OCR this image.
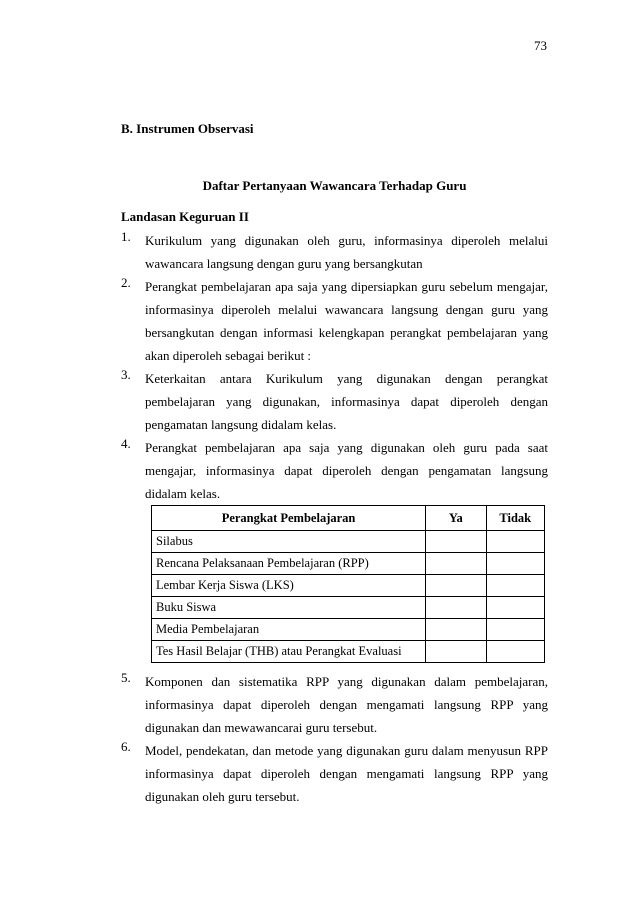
73
B. Instrumen Observasi
Daftar Pertanyaan Wawancara Terhadap Guru
Landasan Keguruan II
1. Kurikulum yang digunakan oleh guru, informasinya diperoleh melalui
wawancara langsung dengan guru yang bersangkutan
2. Perangkat pembelajaran apa saja yang dipersiapkan guru sebelum mengajar,
informasinya diperoleh melalui wawancara langsung dengan guru yang
bersangkutan dengan informasi kelengkapan perangkat pembelajaran yang
akan diperoleh sebagai berikut :
3. Keterkaitan antara Kurikulum yang digunakan dengan perangkat
pembelajaran yang digunakan, informasinya dapat diperoleh dengan
pengamatan langsung didalam kelas.
4. Perangkat pembelajaran apa saja yang digunakan oleh guru pada saat
mengajar, informasinya dapat diperoleh dengan pengamatan langsung
didalam kelas.
Perangkat Pembelajaran	Ya	Tidak
Silabus		
Rencana Pelaksanaan Pembelajaran (RPP)		
Lembar Kerja Siswa (LKS)		
Buku Siswa		
Media Pembelajaran		
Tes Hasil Belajar (THB) atau Perangkat Evaluasi		
5. Komponen dan sistematika RPP yang digunakan dalam pembelajaran,
informasinya dapat diperoleh dengan mengamati langsung RPP yang
digunakan dan mewawancarai guru tersebut.
6. Model, pendekatan, dan metode yang digunakan guru dalam menyusun RPP
informasinya dapat diperoleh dengan mengamati langsung RPP yang
digunakan oleh guru tersebut.
